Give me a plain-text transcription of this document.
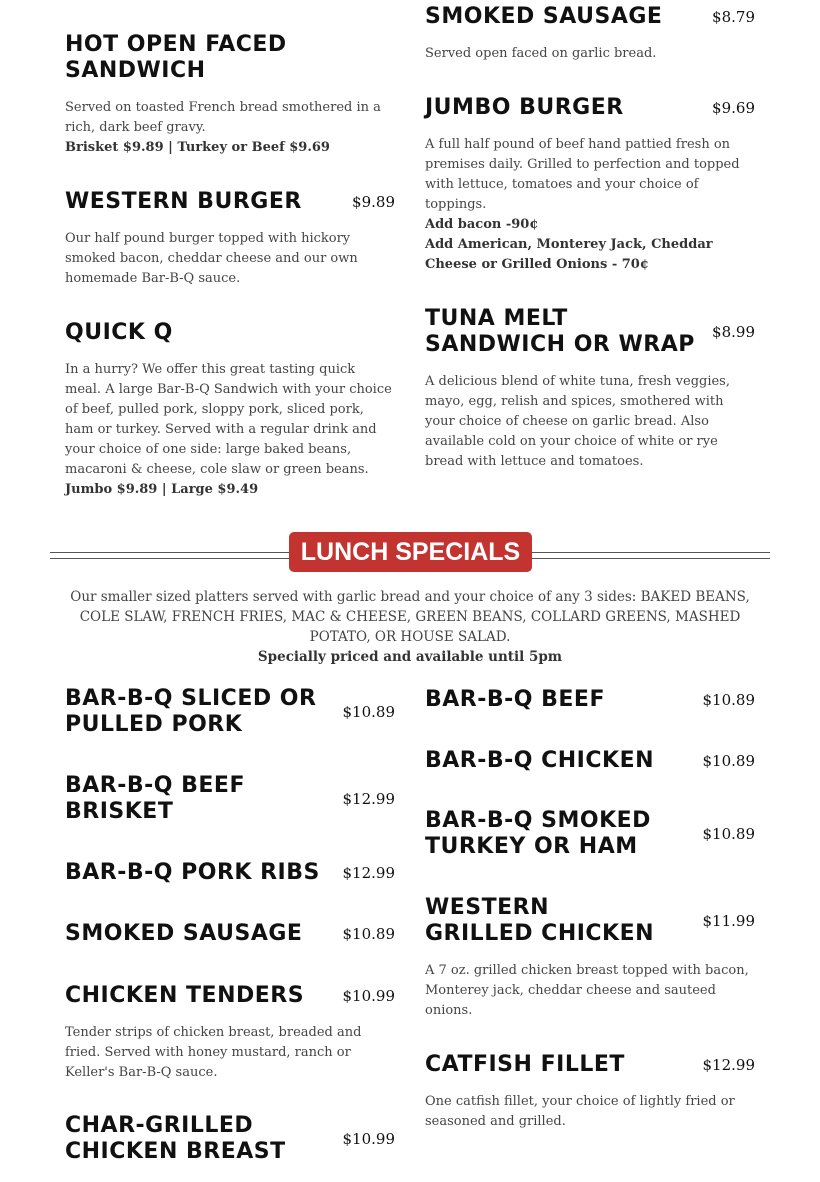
HOT OPEN FACED SANDWICH
Served on toasted French bread smothered in a rich, dark beef gravy.
Brisket $9.89 | Turkey or Beef $9.69
WESTERN BURGER	$9.89
Our half pound burger topped with hickory smoked bacon, cheddar cheese and our own homemade Bar-B-Q sauce.
QUICK Q
In a hurry? We offer this great tasting quick meal. A large Bar-B-Q Sandwich with your choice of beef, pulled pork, sloppy pork, sliced pork, ham or turkey. Served with a regular drink and your choice of one side: large baked beans, macaroni & cheese, cole slaw or green beans.
Jumbo $9.89 | Large $9.49
SMOKED SAUSAGE	$8.79
Served open faced on garlic bread.
JUMBO BURGER	$9.69
A full half pound of beef hand pattied fresh on premises daily. Grilled to perfection and topped with lettuce, tomatoes and your choice of toppings.
Add bacon -90¢
Add American, Monterey Jack, Cheddar Cheese or Grilled Onions - 70¢
TUNA MELT SANDWICH OR WRAP	$8.99
A delicious blend of white tuna, fresh veggies, mayo, egg, relish and spices, smothered with your choice of cheese on garlic bread. Also available cold on your choice of white or rye bread with lettuce and tomatoes.
LUNCH SPECIALS
Our smaller sized platters served with garlic bread and your choice of any 3 sides: BAKED BEANS, COLE SLAW, FRENCH FRIES, MAC & CHEESE, GREEN BEANS, COLLARD GREENS, MASHED POTATO, OR HOUSE SALAD.
Specially priced and available until 5pm
BAR-B-Q SLICED OR PULLED PORK	$10.89
BAR-B-Q BEEF BRISKET	$12.99
BAR-B-Q PORK RIBS	$12.99
SMOKED SAUSAGE	$10.89
CHICKEN TENDERS	$10.99
Tender strips of chicken breast, breaded and fried. Served with honey mustard, ranch or Keller's Bar-B-Q sauce.
CHAR-GRILLED CHICKEN BREAST	$10.99
BAR-B-Q BEEF	$10.89
BAR-B-Q CHICKEN	$10.89
BAR-B-Q SMOKED TURKEY OR HAM	$10.89
WESTERN GRILLED CHICKEN	$11.99
A 7 oz. grilled chicken breast topped with bacon, Monterey jack, cheddar cheese and sauteed onions.
CATFISH FILLET	$12.99
One catfish fillet, your choice of lightly fried or seasoned and grilled.
